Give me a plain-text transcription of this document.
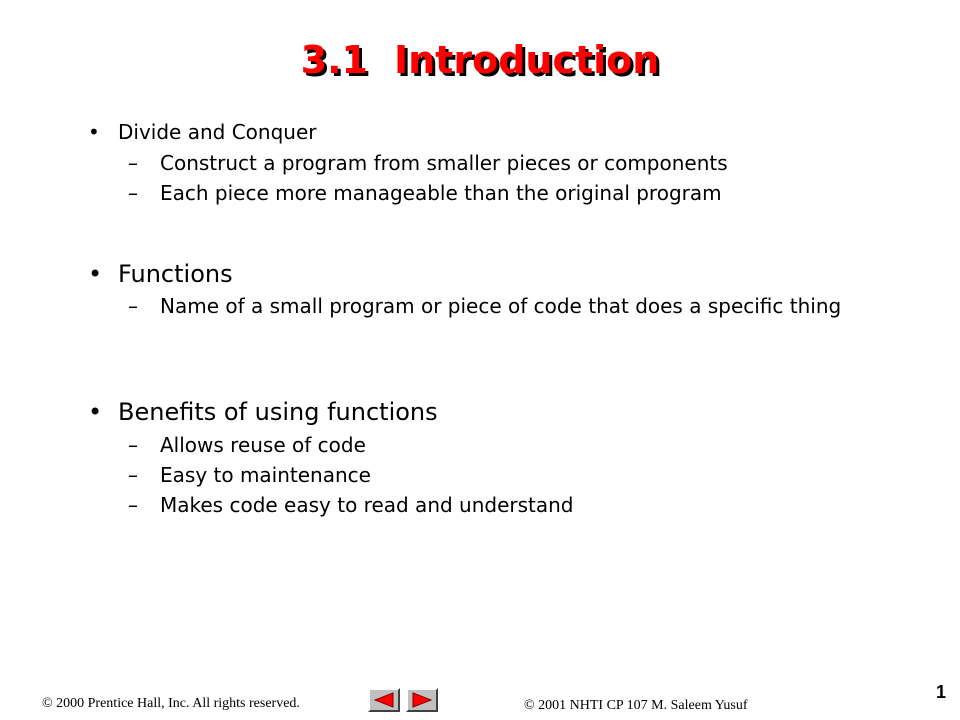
3.1 Introduction
• Divide and Conquer
– Construct a program from smaller pieces or components
– Each piece more manageable than the original program
• Functions
– Name of a small program or piece of code that does a specific thing
• Benefits of using functions
– Allows reuse of code
– Easy to maintenance
– Makes code easy to read and understand
© 2000 Prentice Hall, Inc. All rights reserved.	© 2001 NHTI CP 107 M. Saleem Yusuf
1
